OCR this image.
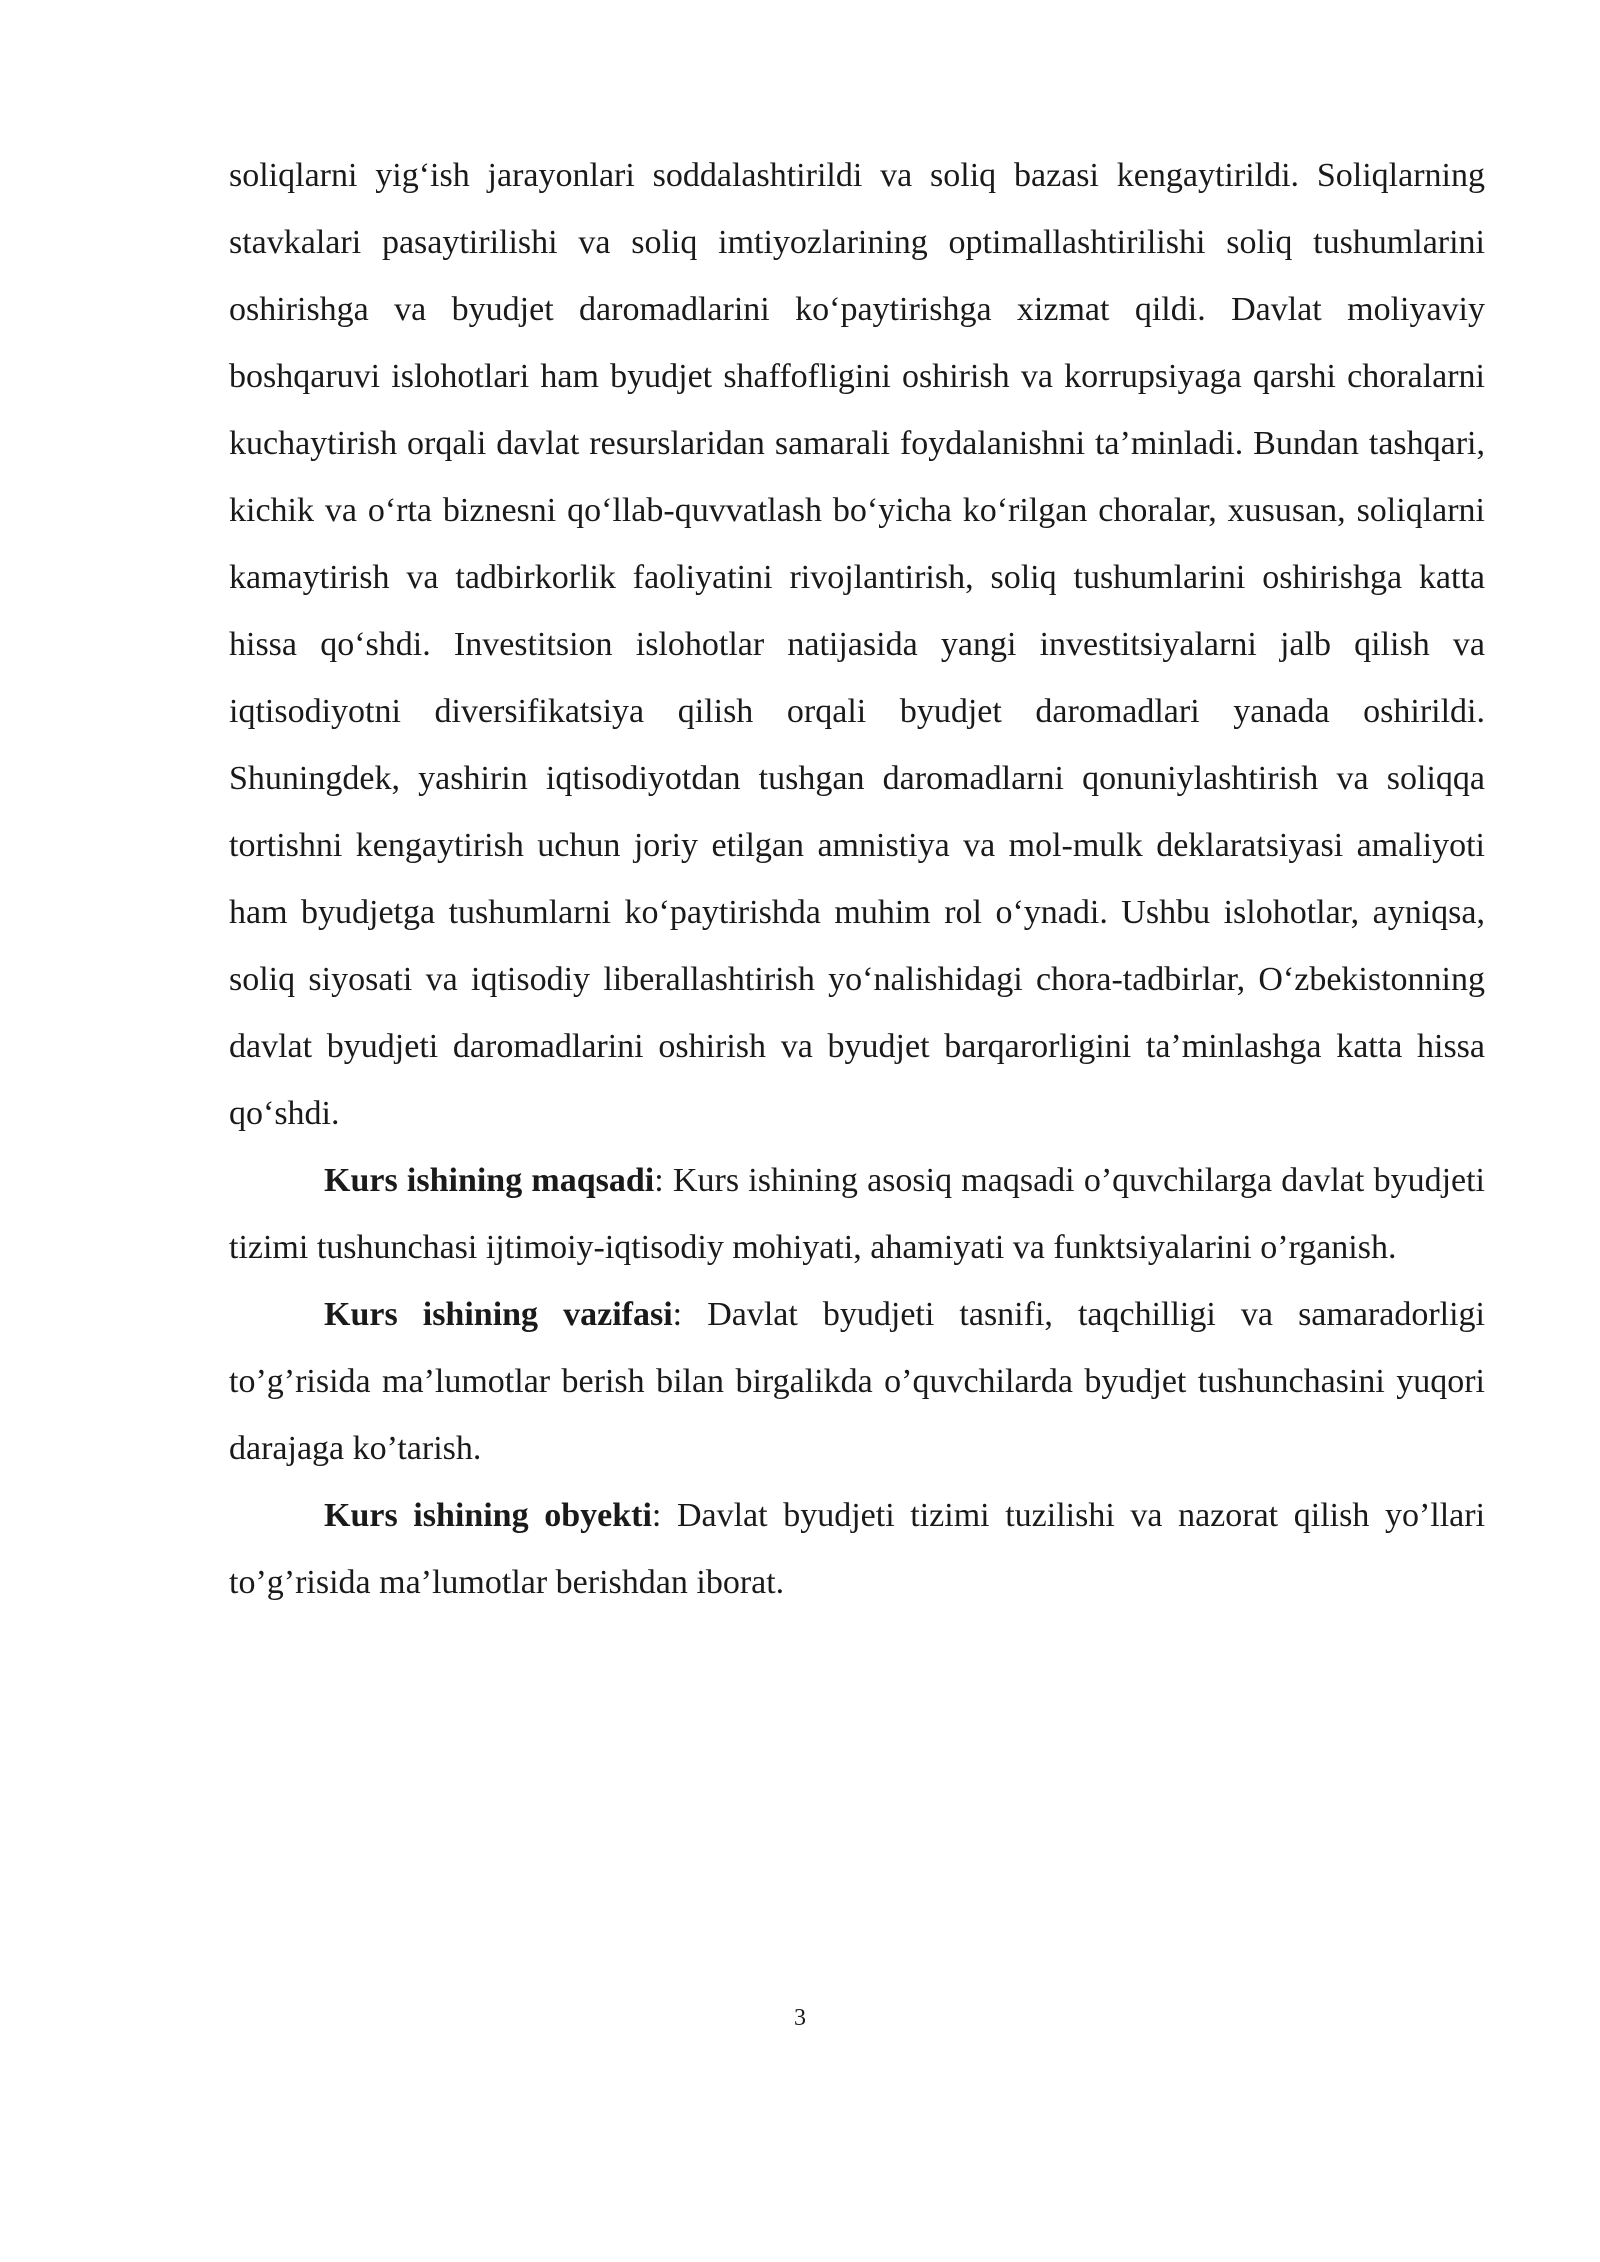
soliqlarni yig‘ish jarayonlari soddalashtirildi va soliq bazasi kengaytirildi. Soliqlarning stavkalari pasaytirilishi va soliq imtiyozlarining optimallashtirilishi soliq tushumlarini oshirishga va byudjet daromadlarini ko‘paytirishga xizmat qildi. Davlat moliyaviy boshqaruvi islohotlari ham byudjet shaffofligini oshirish va korrupsiyaga qarshi choralarni kuchaytirish orqali davlat resurslaridan samarali foydalanishni ta’minladi. Bundan tashqari, kichik va o‘rta biznesni qo‘llab-quvvatlash bo‘yicha ko‘rilgan choralar, xususan, soliqlarni kamaytirish va tadbirkorlik faoliyatini rivojlantirish, soliq tushumlarini oshirishga katta hissa qo‘shdi. Investitsion islohotlar natijasida yangi investitsiyalarni jalb qilish va iqtisodiyotni diversifikatsiya qilish orqali byudjet daromadlari yanada oshirildi. Shuningdek, yashirin iqtisodiyotdan tushgan daromadlarni qonuniylashtirish va soliqqa tortishni kengaytirish uchun joriy etilgan amnistiya va mol-mulk deklaratsiyasi amaliyoti ham byudjetga tushumlarni ko‘paytirishda muhim rol o‘ynadi. Ushbu islohotlar, ayniqsa, soliq siyosati va iqtisodiy liberallashtirish yo‘nalishidagi chora-tadbirlar, O‘zbekistonning davlat byudjeti daromadlarini oshirish va byudjet barqarorligini ta’minlashga katta hissa qo‘shdi.

Kurs ishining maqsadi: Kurs ishining asosiq maqsadi o’quvchilarga davlat byudjeti tizimi tushunchasi ijtimoiy-iqtisodiy mohiyati, ahamiyati va funktsiyalarini o’rganish.

Kurs ishining vazifasi: Davlat byudjeti tasnifi, taqchilligi va samaradorligi to’g’risida ma’lumotlar berish bilan birgalikda o’quvchilarda byudjet tushunchasini yuqori darajaga ko’tarish.

Kurs ishining obyekti: Davlat byudjeti tizimi tuzilishi va nazorat qilish yo’llari to’g’risida ma’lumotlar berishdan iborat.

3
